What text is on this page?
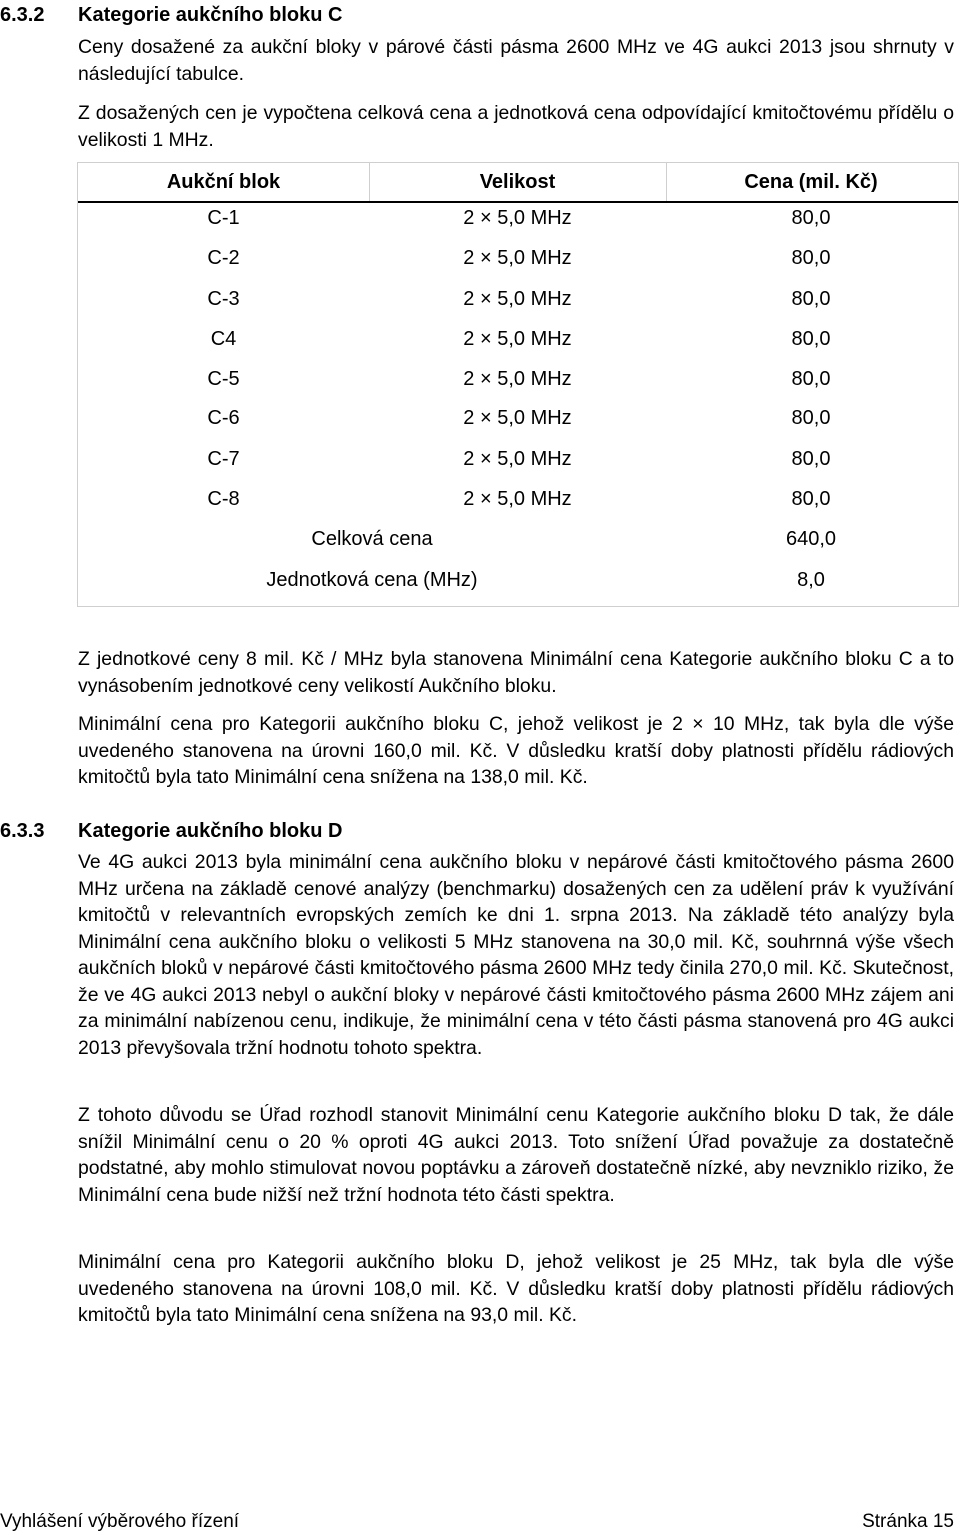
6.3.2 Kategorie aukčního bloku C
Ceny dosažené za aukční bloky v párové části pásma 2600 MHz ve 4G aukci 2013 jsou shrnuty v následující tabulce.
Z dosažených cen je vypočtena celková cena a jednotková cena odpovídající kmitočtovému přídělu o velikosti 1 MHz.
Aukční blok	Velikost	Cena (mil. Kč)
C-1	2 × 5,0 MHz	80,0
C-2	2 × 5,0 MHz	80,0
C-3	2 × 5,0 MHz	80,0
C4	2 × 5,0 MHz	80,0
C-5	2 × 5,0 MHz	80,0
C-6	2 × 5,0 MHz	80,0
C-7	2 × 5,0 MHz	80,0
C-8	2 × 5,0 MHz	80,0
Celková cena	640,0
Jednotková cena (MHz)	8,0
Z jednotkové ceny 8 mil. Kč / MHz byla stanovena Minimální cena Kategorie aukčního bloku C a to vynásobením jednotkové ceny velikostí Aukčního bloku.
Minimální cena pro Kategorii aukčního bloku C, jehož velikost je 2 × 10 MHz, tak byla dle výše uvedeného stanovena na úrovni 160,0 mil. Kč. V důsledku kratší doby platnosti přídělu rádiových kmitočtů byla tato Minimální cena snížena na 138,0 mil. Kč.
6.3.3 Kategorie aukčního bloku D
Ve 4G aukci 2013 byla minimální cena aukčního bloku v nepárové části kmitočtového pásma 2600 MHz určena na základě cenové analýzy (benchmarku) dosažených cen za udělení práv k využívání kmitočtů v relevantních evropských zemích ke dni 1. srpna 2013. Na základě této analýzy byla Minimální cena aukčního bloku o velikosti 5 MHz stanovena na 30,0 mil. Kč, souhrnná výše všech aukčních bloků v nepárové části kmitočtového pásma 2600 MHz tedy činila 270,0 mil. Kč. Skutečnost, že ve 4G aukci 2013 nebyl o aukční bloky v nepárové části kmitočtového pásma 2600 MHz zájem ani za minimální nabízenou cenu, indikuje, že minimální cena v této části pásma stanovená pro 4G aukci 2013 převyšovala tržní hodnotu tohoto spektra.
Z tohoto důvodu se Úřad rozhodl stanovit Minimální cenu Kategorie aukčního bloku D tak, že dále snížil Minimální cenu o 20 % oproti 4G aukci 2013. Toto snížení Úřad považuje za dostatečně podstatné, aby mohlo stimulovat novou poptávku a zároveň dostatečně nízké, aby nevzniklo riziko, že Minimální cena bude nižší než tržní hodnota této části spektra.
Minimální cena pro Kategorii aukčního bloku D, jehož velikost je 25 MHz, tak byla dle výše uvedeného stanovena na úrovni 108,0 mil. Kč. V důsledku kratší doby platnosti přídělu rádiových kmitočtů byla tato Minimální cena snížena na 93,0 mil. Kč.
Vyhlášení výběrového řízení	Stránka 15
